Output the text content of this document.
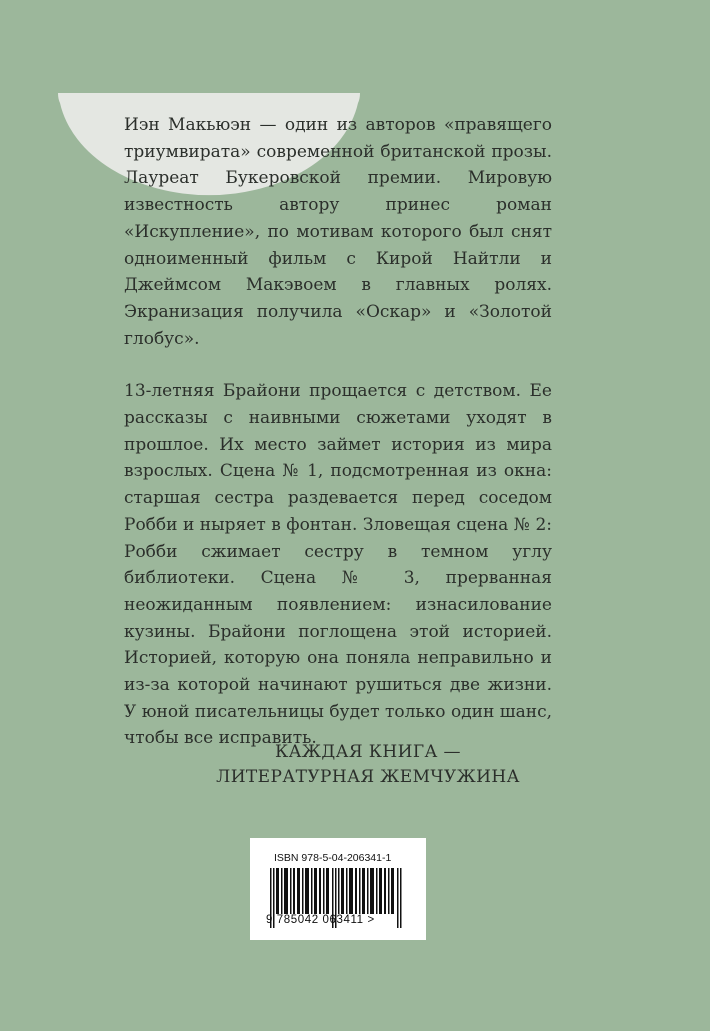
Иэн Макьюэн — один из авторов «правящего триумвирата» современной британской прозы. Лауреат Букеровской премии. Мировую известность автору принес роман «Искупление», по мотивам которого был снят одноименный фильм с Кирой Найтли и Джеймсом Макэвоем в главных ролях. Экранизация получила «Оскар» и «Золотой глобус».

13-летняя Брайони прощается с детством. Ее рассказы с наивными сюжетами уходят в прошлое. Их место займет история из мира взрослых. Сцена № 1, подсмотренная из окна: старшая сестра раздевается перед соседом Робби и ныряет в фонтан. Зловещая сцена № 2: Робби сжимает сестру в темном углу библиотеки. Сцена № 3, прерванная неожиданным появлением: изнасилование кузины. Брайони поглощена этой историей. Историей, которую она поняла неправильно и из-за которой начинают рушиться две жизни. У юной писательницы будет только один шанс, чтобы все исправить.

КАЖДАЯ КНИГА —
ЛИТЕРАТУРНАЯ ЖЕМЧУЖИНА
ISBN 978-5-04-206341-1
9 785042 063411 >
